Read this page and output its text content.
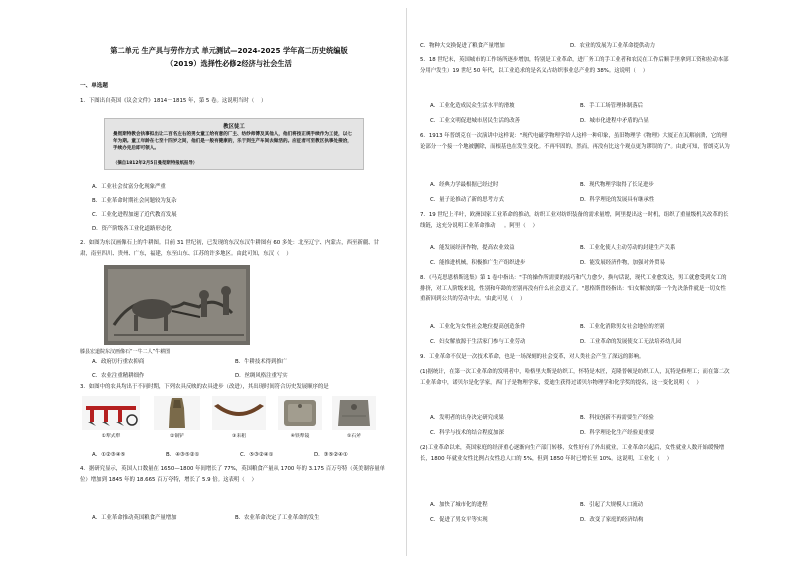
第二单元 生产具与劳作方式 单元测试—2024-2025 学年高二历史统编版
（2019）选择性必修2经济与社会生活
一、单选题
1．下图出自英国《议会文件》1814－1815 年，第 5 卷。这说明当时（    ）
教区徒工
曼彻斯特教会执事拟出让二百名左右的男女童工给有意的厂主、纺纱师傅及其他人，他们将按正规手续作为工徒，以七年为期。童工年龄在七至十四岁之间，他们是一般有健康的，乐于到生产车间去做活的。应征者可至教区执事处接洽，手续办完后即可领人。
（摘自1812年2月5日曼彻斯特报纸报导）
A．工业社会贫富分化现象严重
B．工业革命时期社会问题较为复杂
C．工业化进程加速了近代教育发展
D．资产阶级各工业化道路形态化
2．如图为东汉画像石上的牛耕图。目前 31 世纪初，已发现的东汉东汉牛耕图有 60 多处：北至辽宁、内蒙古，西至新疆、甘肃，南至四川、贵州、广东，福建，东至山东、江苏的许多地区。由此可知，东汉（    ）
滕县宏道院东汉画像石“一牛二人”牛耕图
A．政府厉行重农抑商	B．牛耕技术得到推广
C．农业注重精耕细作	D．丝绸风格注重写实
3．如图中的农具均出于不同时期，下列农具反映的农具进步（改进），其出现时间符合历史发展顺序的是
①犁式犁	②铜铲	③耒耜	④铁犁镜	⑤石斧
A．①②③④⑤	B．④③⑤②①	C．⑤③②④①	D．③⑤②④①
4．据研究显示，英国人口数量在 1650—1800 年间增长了 77%，英国粮食产量从 1700 年的 3.175 百万夸特（英美制容量单位）增加到 1845 年的 18.665 百万夸特，增长了 5.9 倍。这表明（    ）
A．工业革命推动英国粮食产量增加	B．农业革命决定了工业革命的发生
C．物种大交换促进了粮食产量增加	D．农业的发展为工业革命提供动力
5．18 世纪末，英国城市的工作场所逐步增加，特别是工业革命，进厂务工的手工业者和农民在工作后顺手里拿到工资和拉动本部分用户发生）19 世纪 50 年代，以工业追求的是名义占纺织事业总产业的 38%。这说明（    ）
A．工业化造成民众生活水平的滑坡	B．手工工场管理体制落后
C．工业文明促进城市居民生活的改善	D．城市化进程中矛盾的凸显
6．1913 年普朗克在一次演讲中这样说："现代电磁学物理学给人这样一种印象，虽旧物理学《物理》大厦正在瓦解崩溃，它的理论部分一个接一个地被删除，而根基也在发生变化。不再牢固的，然而，再没有比这个观点更为谬误的了"。由此可知，普朗克认为
A．经典力学最根据已经过时	B．现代物理学取得了长足进步
C．量子论推动了新的思考方式	D．科学理论的发展具有继承性
7．19 世纪上半叶，欧洲国家工业革命的推动，纺织工业对纺织装备的需求量增，阿里提出这一时机，组织了重量级机关改革的长线链，这充分说明工业革命推动     。阿里（    ）
A．能发展经济作物，提高农业效益	B．工业化使人主动劳动的封建生产关系
C．能推进机械，积极推广生产组织进步	D．能发展经济作物，加强对外贸易
8．《马克思恩格斯选集》第 1 卷中指出："手的操作所需要的技巧和气力愈少，换句话说，现代工业愈发达，男工就愈受到女工的排挤，对工人阶级来说，性别和年龄的差别再没有什么社会意义了。"恩格斯曾经指出：'妇女解放的第一个先决条件就是一切女性重新回到公共的劳动中去。'由此可见（    ）
A．工业化为女性社会地位提高创造条件	B．工业化消除男女社会地位的差别
C．妇女解放源于生活家门参与工业劳动	D．工业革命的发展使女工无法培养幼儿园
9．工业革命不仅是一次技术革命，也是一场深刻的社会变革，对人类社会产生了深远的影响。
(1)据统计，在第一次工业革命的发明者中，哈格里夫斯是纺织工，怀特是木匠，克隆普顿是纺织工人，瓦特是修理工；而在第二次工业革命中，诺贝尔是化学家，西门子是物理学家，爱迪生获得过诺贝尔物理学和化学奖的提名，这一变化说明（    ）
A．发明者的出身决定研究成果	B．科技创新不再需要生产经验
C．科学与技术的结合程度加深	D．科学理论化生产经验更重要
(2)工业革命以来，英国家庭的经济重心逐渐向生产部门转移，女性好有了外出就业，工业革命兴起后，女性就业人数开始缓慢增长，1800 年就业女性比例占女性总人口的 5%，但到 1850 年时已增长至 10%。这说明，工业化（    ）
A．加快了城市化的进程	B．引起了大规模人口流动
C．促进了男女平等实现	D．改变了家庭的经济结构
